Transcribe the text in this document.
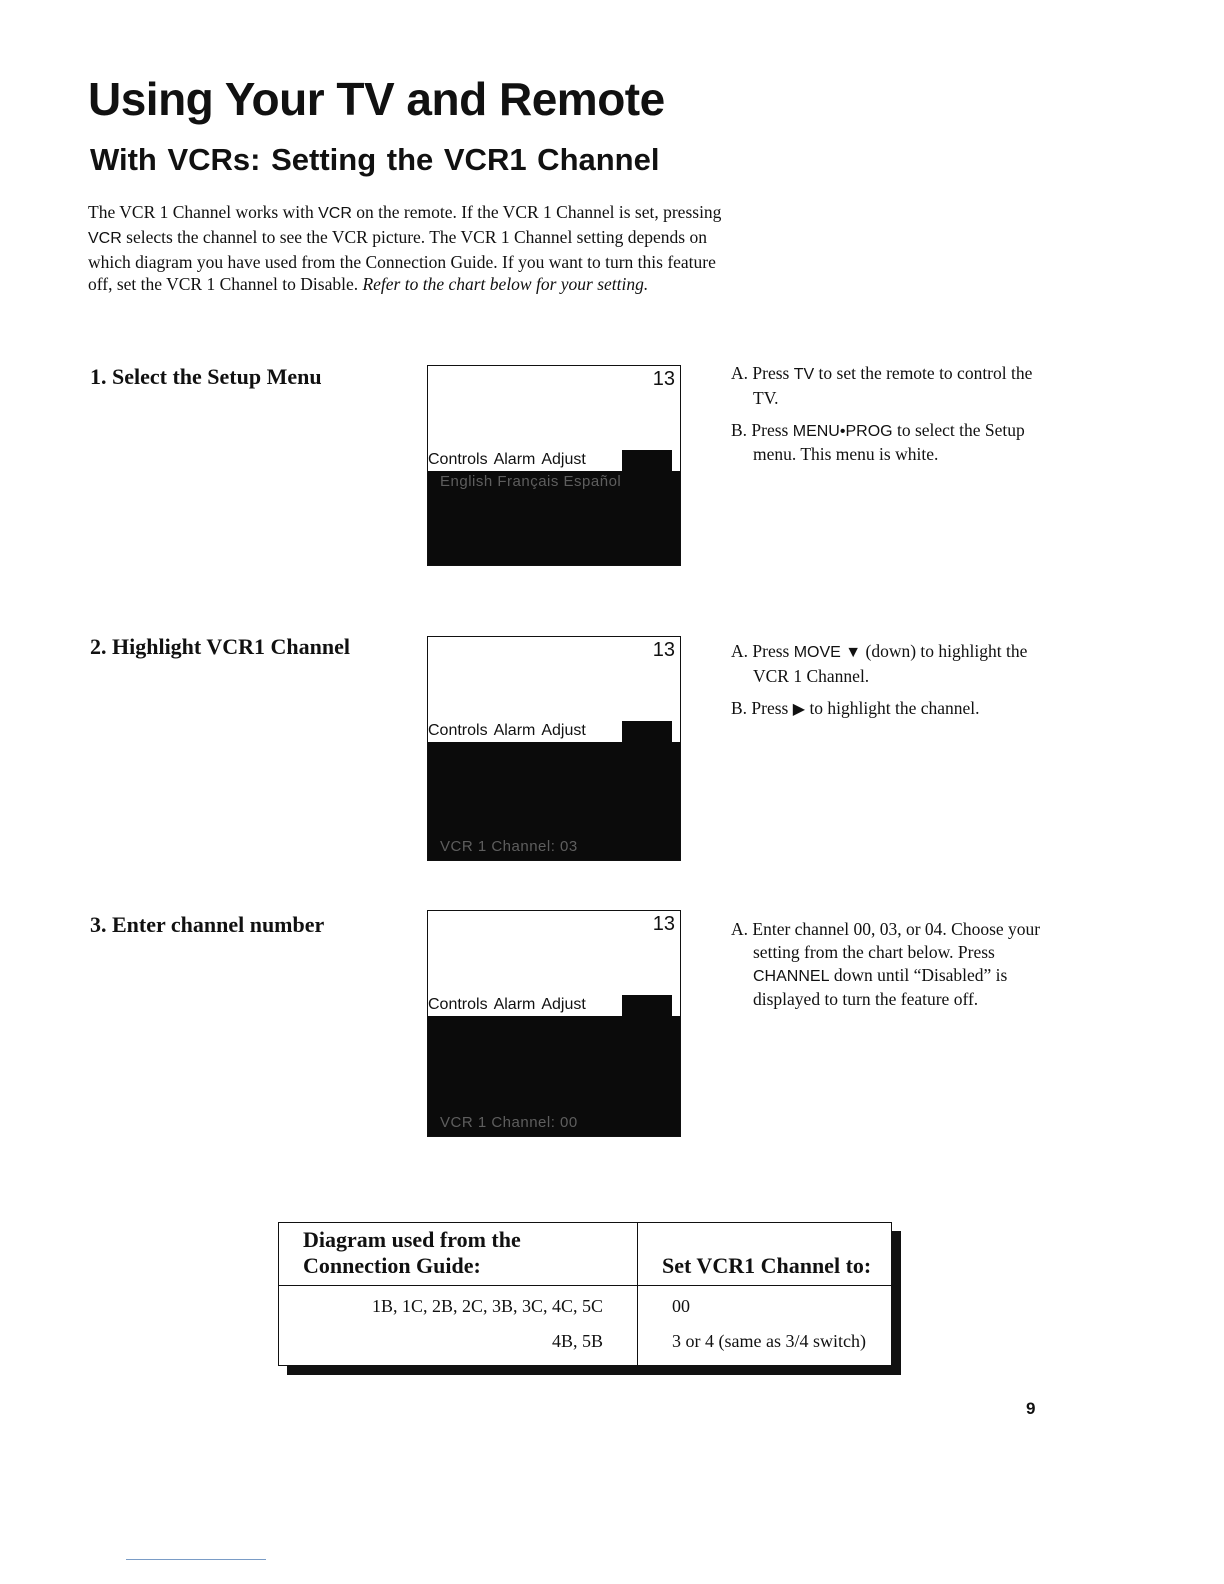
Using Your TV and Remote
With VCRs: Setting the VCR1 Channel

The VCR 1 Channel works with VCR on the remote. If the VCR 1 Channel is set, pressing VCR selects the channel to see the VCR picture. The VCR 1 Channel setting depends on which diagram you have used from the Connection Guide. If you want to turn this feature off, set the VCR 1 Channel to Disable. Refer to the chart below for your setting.

1. Select the Setup Menu	13
Controls Alarm Adjust
English Français Español

A. Press TV to set the remote to control the TV.

B. Press MENU•PROG to select the Setup menu. This menu is white.

2. Highlight VCR1 Channel	13
Controls Alarm Adjust
VCR 1 Channel: 03

A. Press MOVE ▼ (down) to highlight the VCR 1 Channel.

B. Press ▶ to highlight the channel.

3. Enter channel number	13
Controls Alarm Adjust
VCR 1 Channel: 00

A. Enter channel 00, 03, or 04. Choose your setting from the chart below. Press CHANNEL down until “Disabled” is displayed to turn the feature off.

Diagram used from the
Connection Guide:	Set VCR1 Channel to:
1B, 1C, 2B, 2C, 3B, 3C, 4C, 5C	00
4B, 5B	3 or 4 (same as 3/4 switch)
9
